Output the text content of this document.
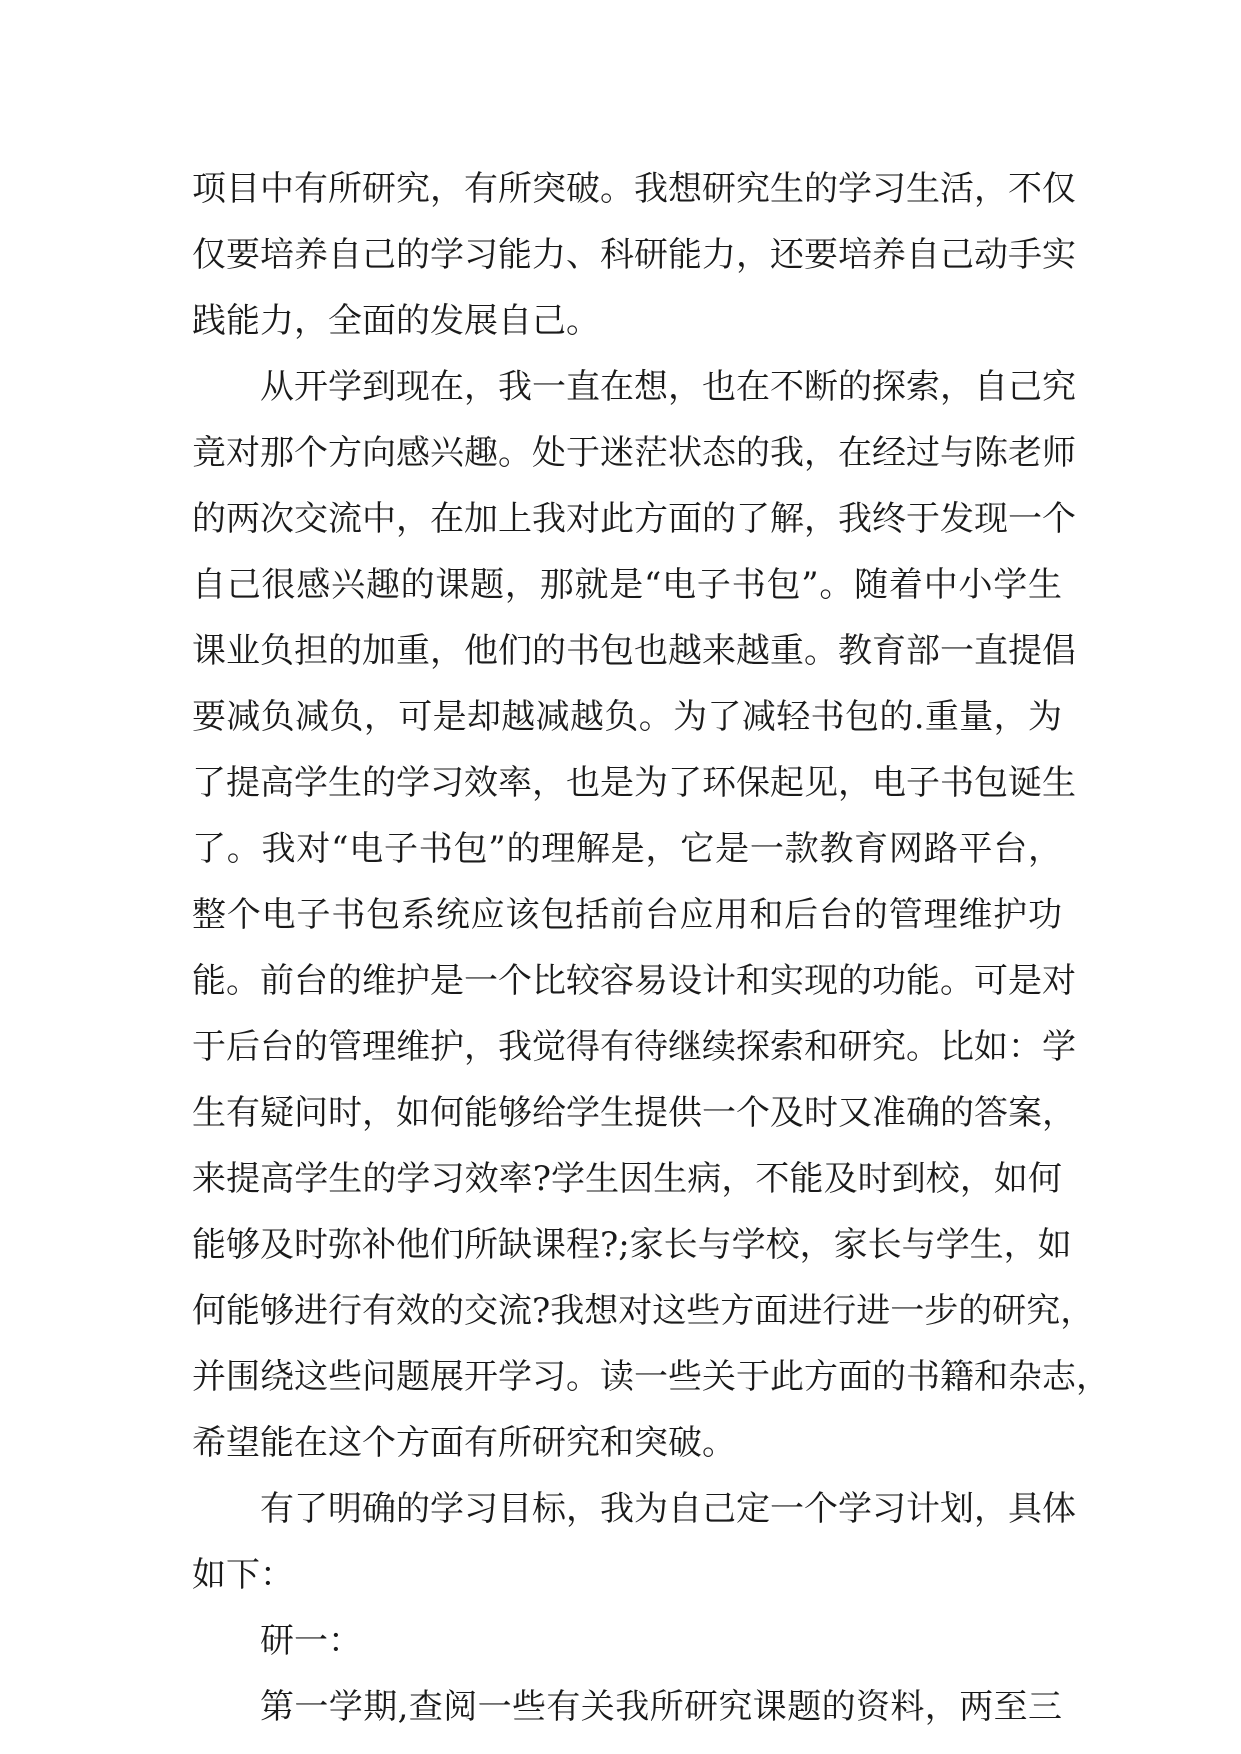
项目中有所研究，有所突破。我想研究生的学习生活，不仅
仅要培养自己的学习能力、科研能力，还要培养自己动手实
践能力，全面的发展自己。
从开学到现在，我一直在想，也在不断的探索，自己究
竟对那个方向感兴趣。处于迷茫状态的我，在经过与陈老师
的两次交流中，在加上我对此方面的了解，我终于发现一个
自己很感兴趣的课题，那就是“电子书包”。随着中小学生
课业负担的加重，他们的书包也越来越重。教育部一直提倡
要减负减负，可是却越减越负。为了减轻书包的.重量，为
了提高学生的学习效率，也是为了环保起见，电子书包诞生
了。我对“电子书包”的理解是，它是一款教育网路平台，
整个电子书包系统应该包括前台应用和后台的管理维护功
能。前台的维护是一个比较容易设计和实现的功能。可是对
于后台的管理维护，我觉得有待继续探索和研究。比如：学
生有疑问时，如何能够给学生提供一个及时又准确的答案，
来提高学生的学习效率?学生因生病，不能及时到校，如何
能够及时弥补他们所缺课程?;家长与学校，家长与学生，如
何能够进行有效的交流?我想对这些方面进行进一步的研究，
并围绕这些问题展开学习。读一些关于此方面的书籍和杂志，
希望能在这个方面有所研究和突破。
有了明确的学习目标，我为自己定一个学习计划，具体
如下：
研一：
第一学期,查阅一些有关我所研究课题的资料，两至三
